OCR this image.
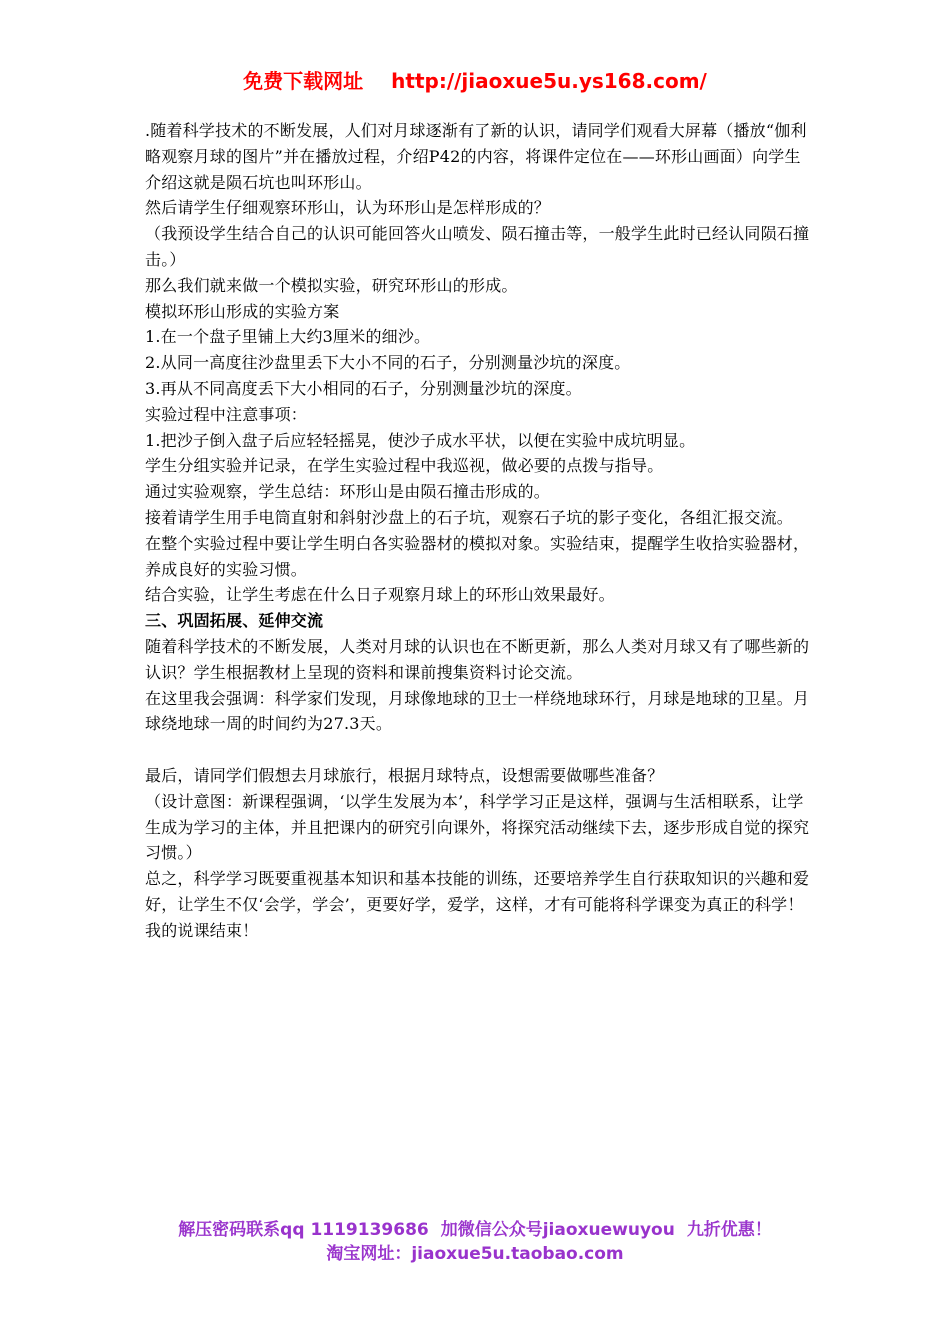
免费下载网址 http://jiaoxue5u.ys168.com/

.随着科学技术的不断发展，人们对月球逐渐有了新的认识，请同学们观看大屏幕（播放“伽利略观察月球的图片”并在播放过程，介绍P42的内容，将课件定位在——环形山画面）向学生介绍这就是陨石坑也叫环形山。

然后请学生仔细观察环形山，认为环形山是怎样形成的？

（我预设学生结合自己的认识可能回答火山喷发、陨石撞击等，一般学生此时已经认同陨石撞击。）

那么我们就来做一个模拟实验，研究环形山的形成。

模拟环形山形成的实验方案

1.在一个盘子里铺上大约3厘米的细沙。

2.从同一高度往沙盘里丢下大小不同的石子，分别测量沙坑的深度。

3.再从不同高度丢下大小相同的石子，分别测量沙坑的深度。

实验过程中注意事项：

1.把沙子倒入盘子后应轻轻摇晃，使沙子成水平状，以便在实验中成坑明显。

学生分组实验并记录，在学生实验过程中我巡视，做必要的点拨与指导。

通过实验观察，学生总结：环形山是由陨石撞击形成的。

接着请学生用手电筒直射和斜射沙盘上的石子坑，观察石子坑的影子变化，各组汇报交流。

在整个实验过程中要让学生明白各实验器材的模拟对象。实验结束，提醒学生收拾实验器材，养成良好的实验习惯。

结合实验，让学生考虑在什么日子观察月球上的环形山效果最好。

三、巩固拓展、延伸交流

随着科学技术的不断发展，人类对月球的认识也在不断更新，那么人类对月球又有了哪些新的认识？学生根据教材上呈现的资料和课前搜集资料讨论交流。

在这里我会强调：科学家们发现，月球像地球的卫士一样绕地球环行，月球是地球的卫星。月球绕地球一周的时间约为27.3天。

最后，请同学们假想去月球旅行，根据月球特点，设想需要做哪些准备？

（设计意图：新课程强调，‘以学生发展为本’，科学学习正是这样，强调与生活相联系，让学生成为学习的主体，并且把课内的研究引向课外，将探究活动继续下去，逐步形成自觉的探究习惯。）

总之，科学学习既要重视基本知识和基本技能的训练，还要培养学生自行获取知识的兴趣和爱好，让学生不仅‘会学，学会’，更要好学，爱学，这样，才有可能将科学课变为真正的科学！

我的说课结束！

解压密码联系qq 1119139686 加微信公众号jiaoxuewuyou 九折优惠！
淘宝网址：jiaoxue5u.taobao.com
